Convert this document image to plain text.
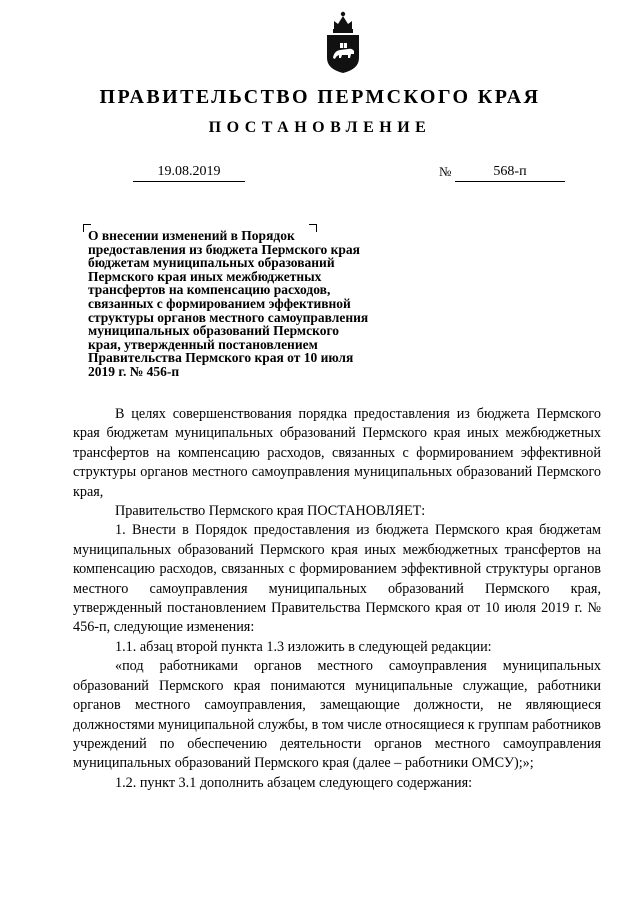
ПРАВИТЕЛЬСТВО ПЕРМСКОГО КРАЯ
ПОСТАНОВЛЕНИЕ
19.08.2019	№	568-п
О внесении изменений в Порядок
предоставления из бюджета Пермского края
бюджетам муниципальных образований
Пермского края иных межбюджетных
трансфертов на компенсацию расходов,
связанных с формированием эффективной
структуры органов местного самоуправления
муниципальных образований Пермского
края, утвержденный постановлением
Правительства Пермского края от 10 июля
2019 г. № 456-п

В целях совершенствования порядка предоставления из бюджета Пермского края бюджетам муниципальных образований Пермского края иных межбюджетных трансфертов на компенсацию расходов, связанных с формированием эффективной структуры органов местного самоуправления муниципальных образований Пермского края,

Правительство Пермского края ПОСТАНОВЛЯЕТ:

1. Внести в Порядок предоставления из бюджета Пермского края бюджетам муниципальных образований Пермского края иных межбюджетных трансфертов на компенсацию расходов, связанных с формированием эффективной структуры органов местного самоуправления муниципальных образований Пермского края, утвержденный постановлением Правительства Пермского края от 10 июля 2019 г. № 456-п, следующие изменения:

1.1. абзац второй пункта 1.3 изложить в следующей редакции:

«под работниками органов местного самоуправления муниципальных образований Пермского края понимаются муниципальные служащие, работники органов местного самоуправления, замещающие должности, не являющиеся должностями муниципальной службы, в том числе относящиеся к группам работников учреждений по обеспечению деятельности органов местного самоуправления муниципальных образований Пермского края (далее – работники ОМСУ);»;

1.2. пункт 3.1 дополнить абзацем следующего содержания:
